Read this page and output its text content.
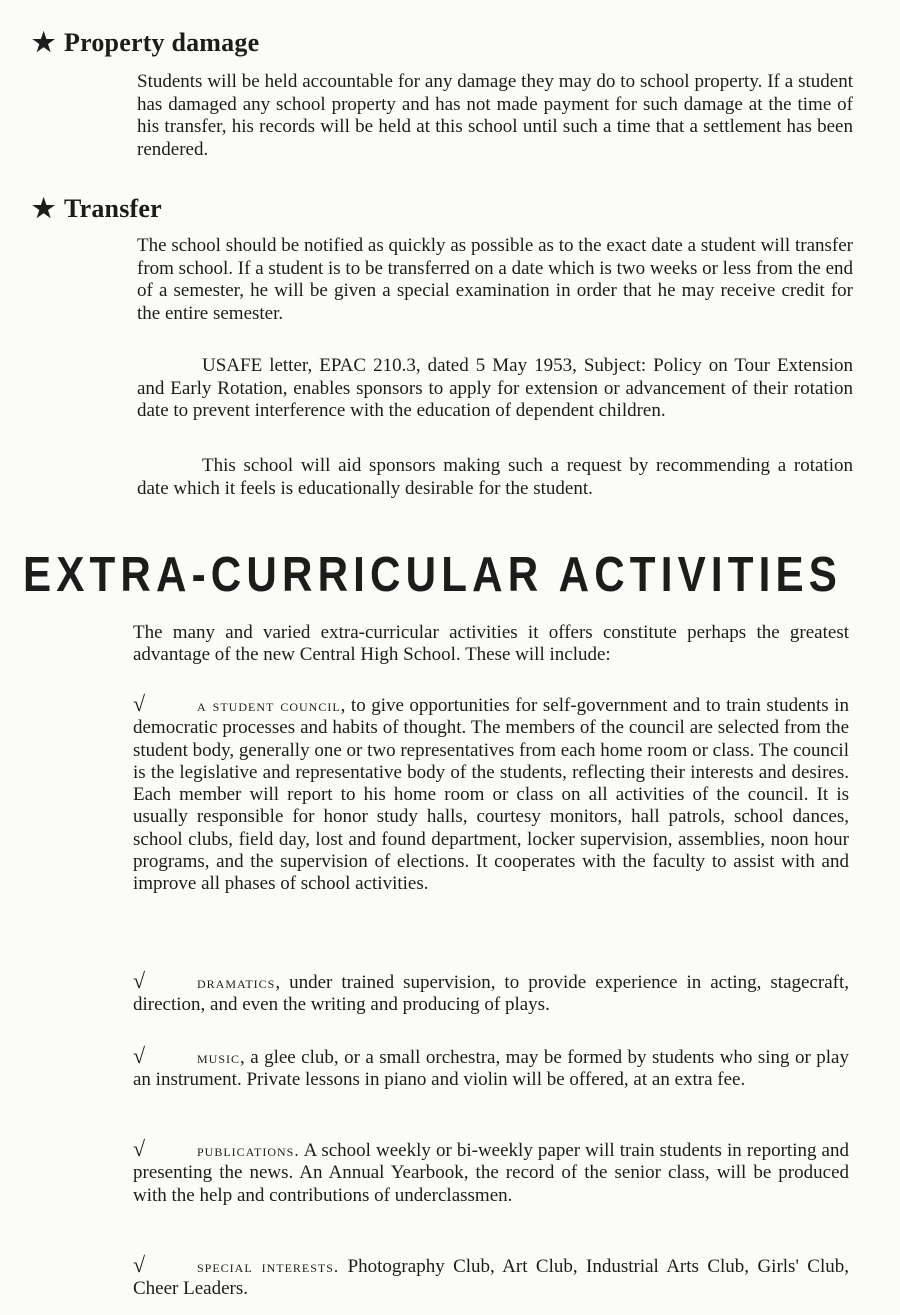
★ Property damage

Students will be held accountable for any damage they may do to school property. If a student has damaged any school property and has not made payment for such damage at the time of his transfer, his records will be held at this school until such a time that a settlement has been rendered.

★ Transfer

The school should be notified as quickly as possible as to the exact date a student will transfer from school. If a student is to be transferred on a date which is two weeks or less from the end of a semester, he will be given a special examination in order that he may receive credit for the entire semester.

USAFE letter, EPAC 210.3, dated 5 May 1953, Subject: Policy on Tour Extension and Early Rotation, enables sponsors to apply for extension or advancement of their rotation date to prevent interference with the education of dependent children.

This school will aid sponsors making such a request by recommending a rotation date which it feels is educationally desirable for the student.

EXTRA-CURRICULAR ACTIVITIES

The many and varied extra-curricular activities it offers constitute perhaps the greatest advantage of the new Central High School. These will include:

√	a student council, to give opportunities for self-government and to train students in democratic processes and habits of thought. The members of the council are selected from the student body, generally one or two representatives from each home room or class. The council is the legislative and representative body of the students, reflecting their interests and desires. Each member will report to his home room or class on all activities of the council. It is usually responsible for honor study halls, courtesy monitors, hall patrols, school dances, school clubs, field day, lost and found department, locker supervision, assemblies, noon hour programs, and the supervision of elections. It cooperates with the faculty to assist with and improve all phases of school activities.

√	dramatics, under trained supervision, to provide experience in acting, stagecraft, direction, and even the writing and producing of plays.

√	music, a glee club, or a small orchestra, may be formed by students who sing or play an instrument. Private lessons in piano and violin will be offered, at an extra fee.

√	publications. A school weekly or bi-weekly paper will train students in reporting and presenting the news. An Annual Yearbook, the record of the senior class, will be produced with the help and contributions of underclassmen.

√	special interests. Photography Club, Art Club, Industrial Arts Club, Girls' Club, Cheer Leaders.
